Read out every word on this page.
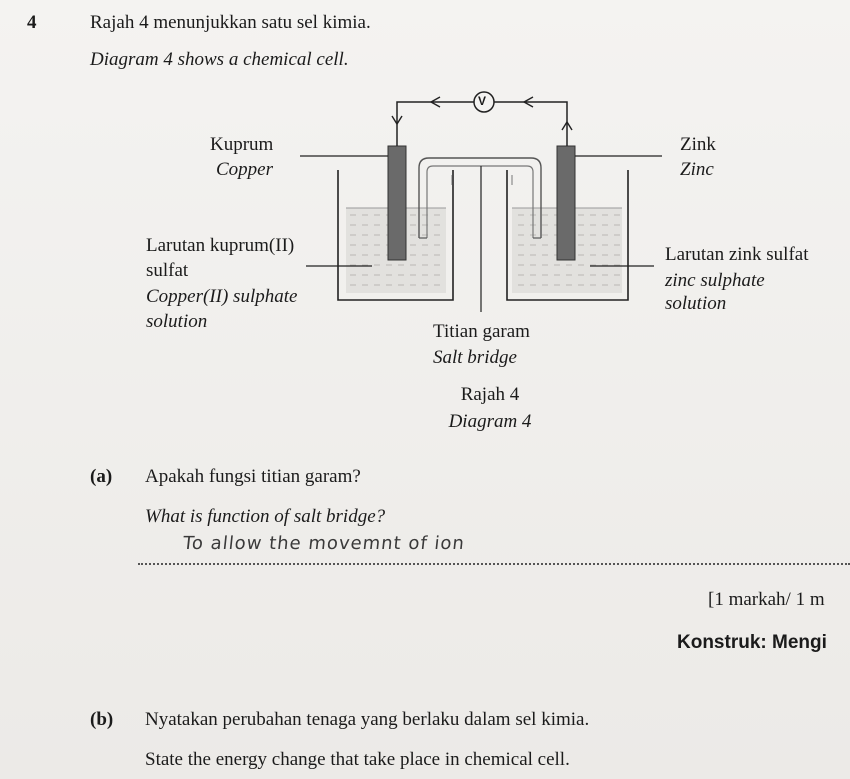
4	Rajah 4 menunjukkan satu sel kimia.
Diagram 4 shows a chemical cell.
V
Kuprum
Copper
Zink
Zinc
Larutan kuprum(II)
sulfat
Copper(II) sulphate
solution
Larutan zink sulfat
zinc sulphate
solution
Titian garam
Salt bridge
Rajah 4
Diagram 4
(a) Apakah fungsi titian garam?
What is function of salt bridge?
To allow the movemnt of ion
[1 markah/ 1 m
Konstruk: Mengi
(b) Nyatakan perubahan tenaga yang berlaku dalam sel kimia.
State the energy change that take place in chemical cell.
